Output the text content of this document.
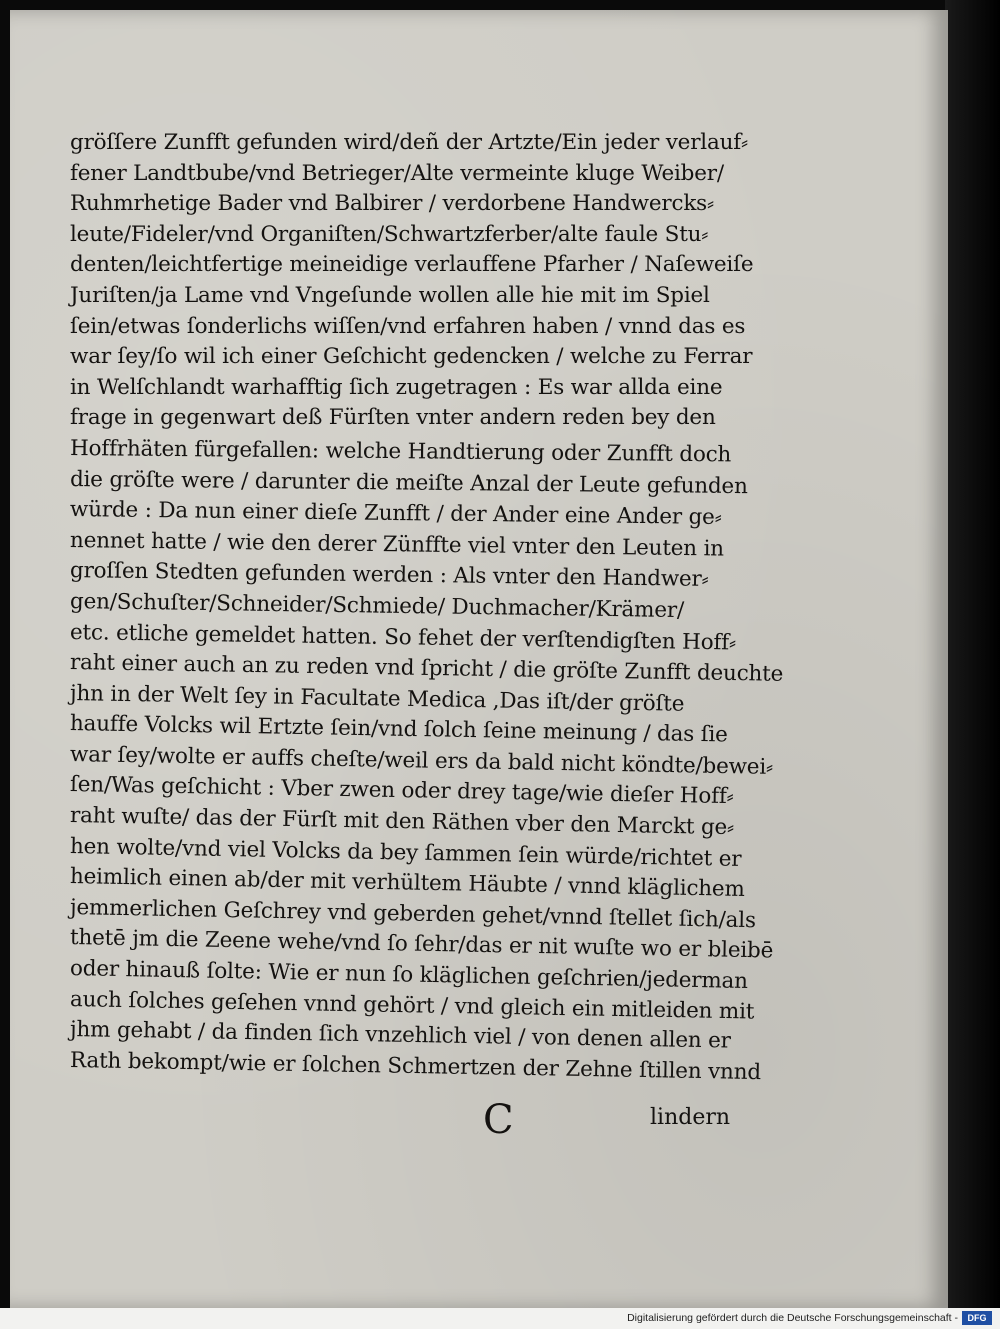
gröſſere Zunfft gefunden wird/deñ der Artzte/Ein jeder verlauf⸗
fener Landtbube/vnd Betrieger/Alte vermeinte kluge Weiber/
Ruhmrhetige Bader vnd Balbirer / verdorbene Handwercks⸗
leute/Fideler/vnd Organiſten/Schwartzferber/alte faule Stu⸗
denten/leichtfertige meineidige verlauffene Pfarher / Naſeweiſe
Juriſten/ja Lame vnd Vngeſunde wollen alle hie mit im Spiel
ſein/etwas ſonderlichs wiſſen/vnd erfahren haben / vnnd das es
war ſey/ſo wil ich einer Geſchicht gedencken / welche zu Ferrar
in Welſchlandt warhafftig ſich zugetragen : Es war allda eine
frage in gegenwart deß Fürſten vnter andern reden bey den
Hoffrhäten fürgefallen: welche Handtierung oder Zunfft doch
die gröſte were / darunter die meiſte Anzal der Leute gefunden
würde : Da nun einer dieſe Zunfft / der Ander eine Ander ge⸗
nennet hatte / wie den derer Zünffte viel vnter den Leuten in
groſſen Stedten gefunden werden : Als vnter den Handwer⸗
gen/Schuſter/Schneider/Schmiede/ Duchmacher/Krämer/
etc. etliche gemeldet hatten. So fehet der verſtendigſten Hoff⸗
raht einer auch an zu reden vnd ſpricht / die gröſte Zunfft deuchte
jhn in der Welt ſey in Facultate Medica ,Das iſt/der gröſte
hauffe Volcks wil Ertzte ſein/vnd ſolch ſeine meinung / das ſie
war ſey/wolte er auffs cheſte/weil ers da bald nicht köndte/bewei⸗
ſen/Was geſchicht : Vber zwen oder drey tage/wie dieſer Hoff⸗
raht wuſte/ das der Fürſt mit den Räthen vber den Marckt ge⸗
hen wolte/vnd viel Volcks da bey ſammen ſein würde/richtet er
heimlich einen ab/der mit verhültem Häubte / vnnd kläglichem
jemmerlichen Geſchrey vnd geberden gehet/vnnd ſtellet ſich/als
thetē jm die Zeene wehe/vnd ſo ſehr/das er nit wuſte wo er bleibē
oder hinauß ſolte: Wie er nun ſo kläglichen geſchrien/jederman
auch ſolches geſehen vnnd gehört / vnd gleich ein mitleiden mit
jhm gehabt / da finden ſich vnzehlich viel / von denen allen er
Rath bekompt/wie er ſolchen Schmertzen der Zehne ſtillen vnnd
C	lindern
Digitalisierung gefördert durch die Deutsche Forschungsgemeinschaft -	DFG
